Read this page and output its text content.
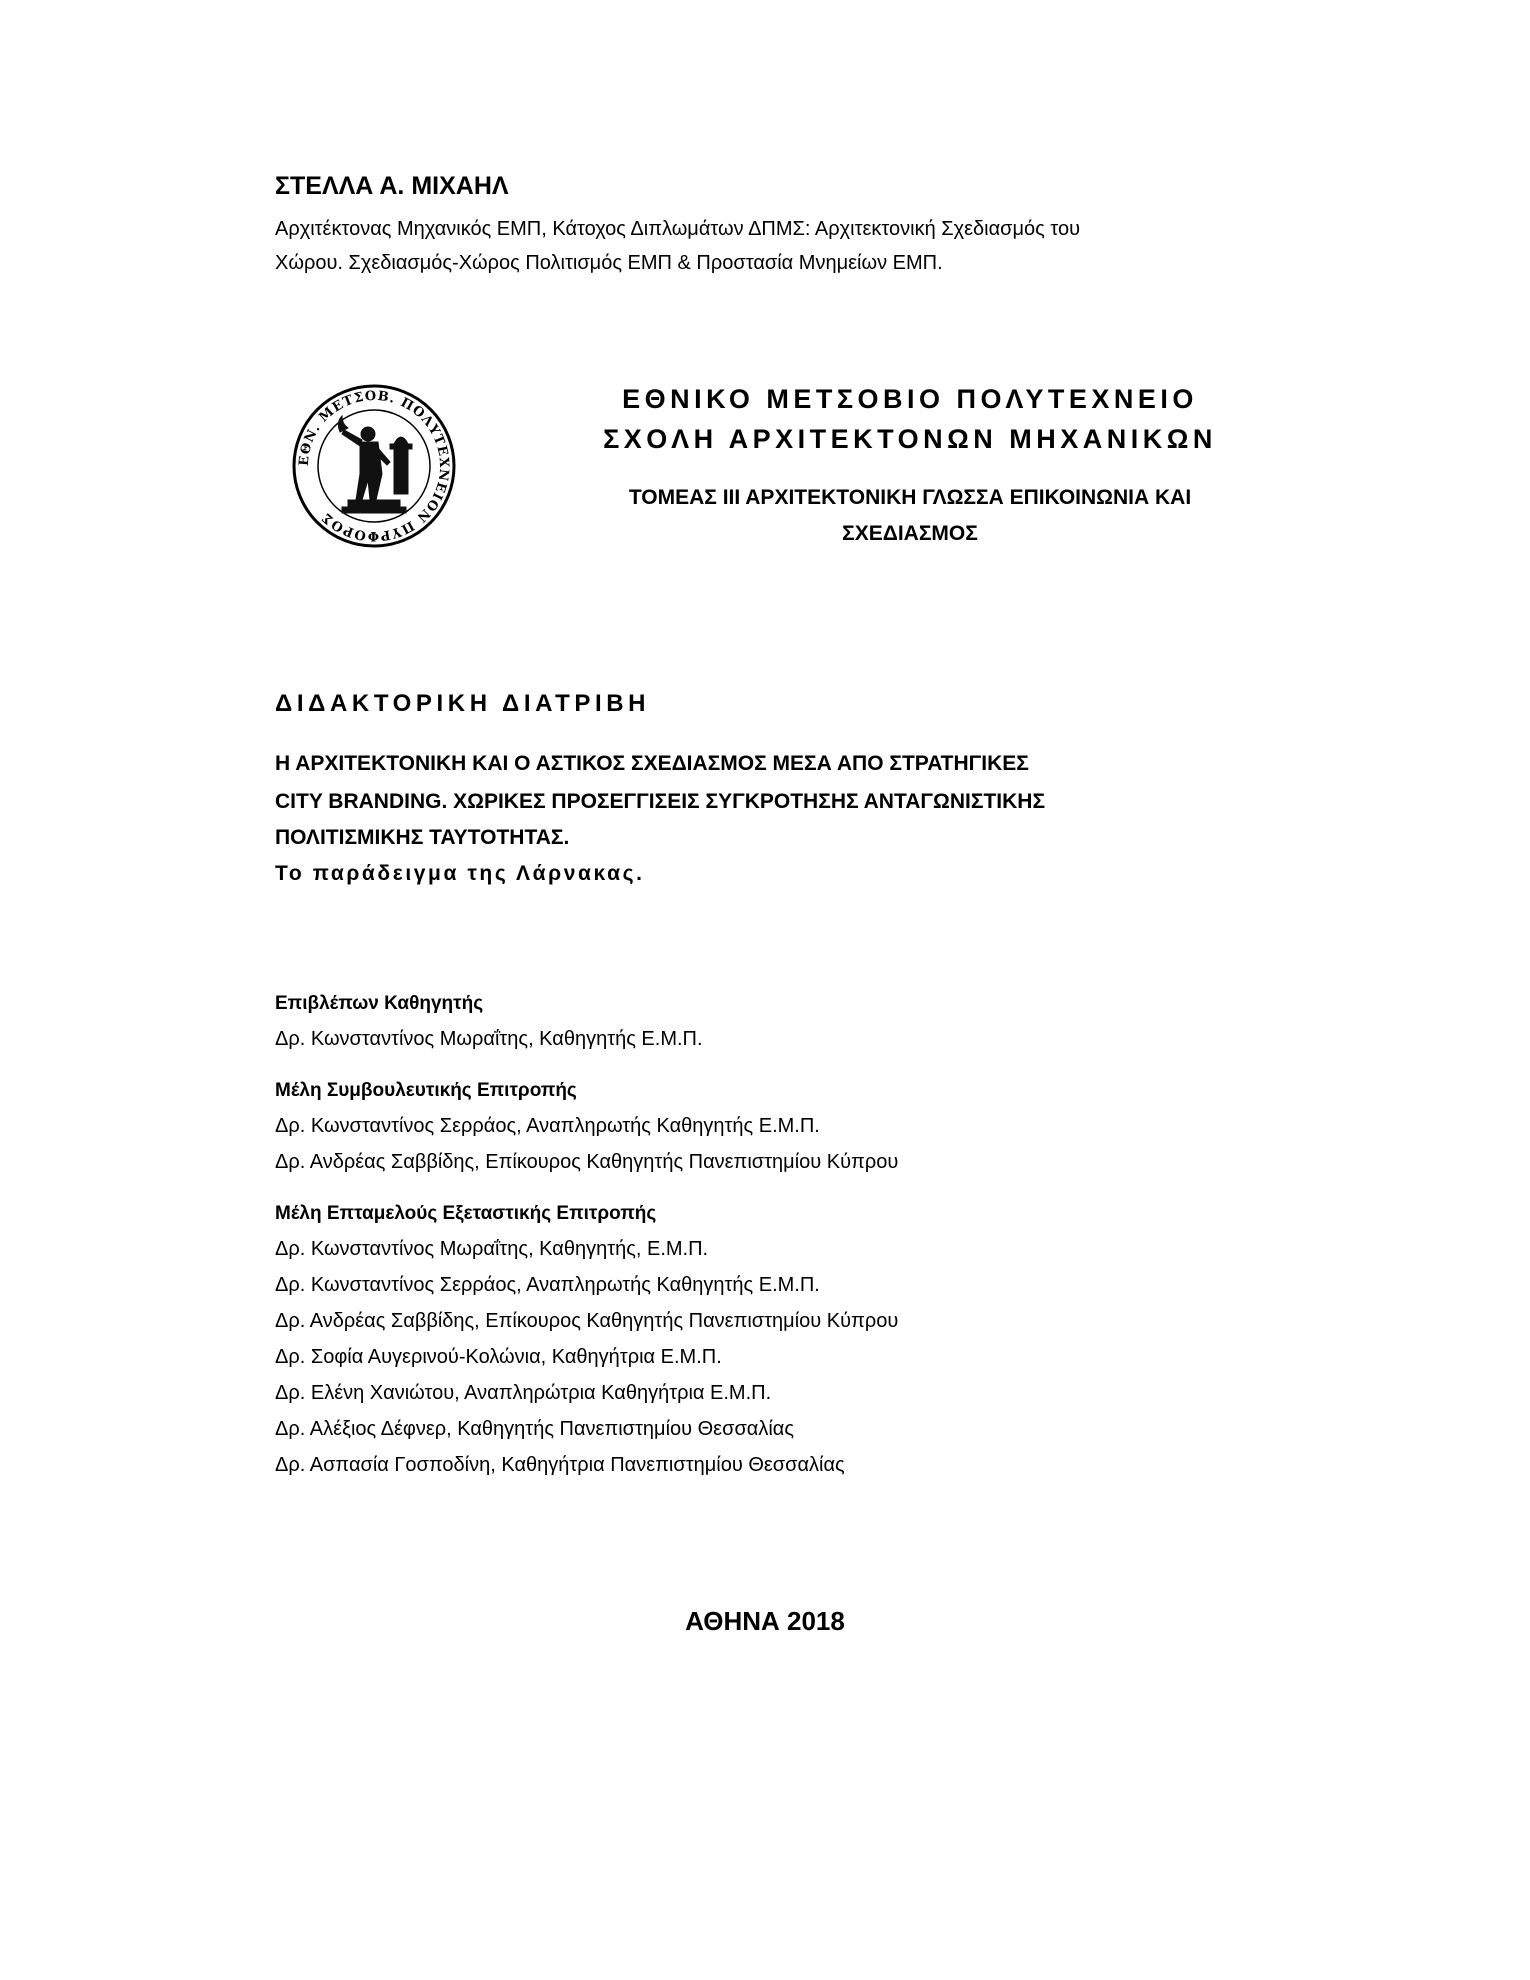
ΣΤΕΛΛΑ Α. ΜΙΧΑΗΛ

Αρχιτέκτονας Μηχανικός ΕΜΠ, Κάτοχος Διπλωμάτων ΔΠΜΣ: Αρχιτεκτονική Σχεδιασμός του

Χώρου. Σχεδιασμός-Χώρος Πολιτισμός ΕΜΠ & Προστασία Μνημείων ΕΜΠ.

ΕΘΝ. ΜΕΤΣΟΒ. ΠΟΛΥΤΕΧΝΕΙΟΝ ΠΥΡΦΟΡΟΣ

ΕΘΝΙΚΟ ΜΕΤΣΟΒΙΟ ΠΟΛΥΤΕΧΝΕΙΟ

ΣΧΟΛΗ ΑΡΧΙΤΕΚΤΟΝΩΝ ΜΗΧΑΝΙΚΩΝ

ΤΟΜΕΑΣ ΙΙΙ ΑΡΧΙΤΕΚΤΟΝΙΚΗ ΓΛΩΣΣΑ ΕΠΙΚΟΙΝΩΝΙΑ ΚΑΙ

ΣΧΕΔΙΑΣΜΟΣ

ΔΙΔΑΚΤΟΡΙΚΗ ΔΙΑΤΡΙΒΗ

Η ΑΡΧΙΤΕΚΤΟΝΙΚΗ ΚΑΙ Ο ΑΣΤΙΚΟΣ ΣΧΕΔΙΑΣΜΟΣ ΜΕΣΑ ΑΠΟ ΣΤΡΑΤΗΓΙΚΕΣ

CITY BRANDING. ΧΩΡΙΚΕΣ ΠΡΟΣΕΓΓΙΣΕΙΣ ΣΥΓΚΡΟΤΗΣΗΣ ΑΝΤΑΓΩΝΙΣΤΙΚΗΣ

ΠΟΛΙΤΙΣΜΙΚΗΣ ΤΑΥΤΟΤΗΤΑΣ.

Το παράδειγμα της Λάρνακας.

Επιβλέπων Καθηγητής

Δρ. Κωνσταντίνος Μωραΐτης, Καθηγητής Ε.Μ.Π.

Μέλη Συμβουλευτικής Επιτροπής

Δρ. Κωνσταντίνος Σερράος, Αναπληρωτής Καθηγητής Ε.Μ.Π.

Δρ. Ανδρέας Σαββίδης, Επίκουρος Καθηγητής Πανεπιστημίου Κύπρου

Μέλη Επταμελούς Εξεταστικής Επιτροπής

Δρ. Κωνσταντίνος Μωραΐτης, Καθηγητής, Ε.Μ.Π.

Δρ. Κωνσταντίνος Σερράος, Αναπληρωτής Καθηγητής Ε.Μ.Π.

Δρ. Ανδρέας Σαββίδης, Επίκουρος Καθηγητής Πανεπιστημίου Κύπρου

Δρ. Σοφία Αυγερινού-Κολώνια, Καθηγήτρια Ε.Μ.Π.

Δρ. Ελένη Χανιώτου, Αναπληρώτρια Καθηγήτρια Ε.Μ.Π.

Δρ. Αλέξιος Δέφνερ, Καθηγητής Πανεπιστημίου Θεσσαλίας

Δρ. Ασπασία Γοσποδίνη, Καθηγήτρια Πανεπιστημίου Θεσσαλίας

ΑΘΗΝΑ 2018
